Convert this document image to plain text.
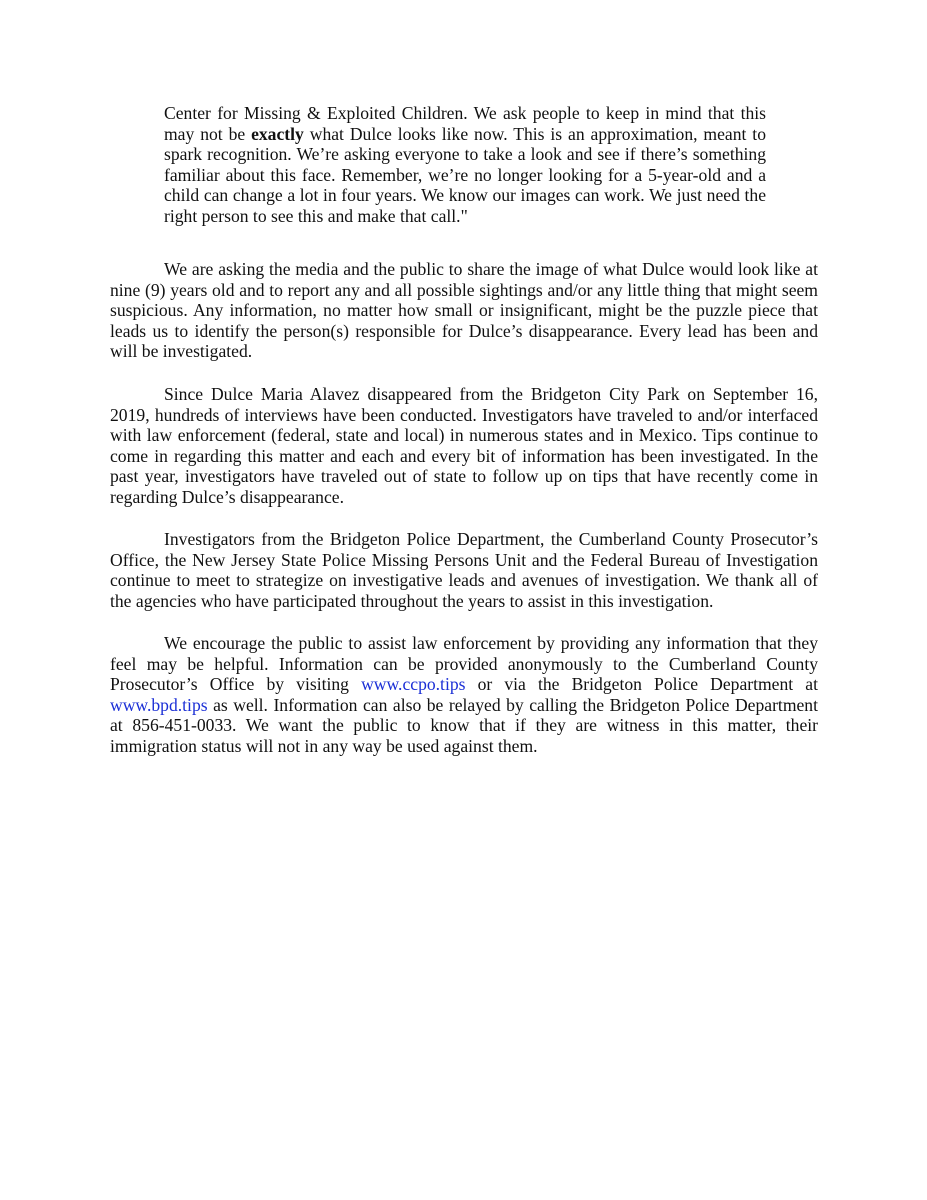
Center for Missing & Exploited Children. We ask people to keep in mind that this may not be exactly what Dulce looks like now. This is an approximation, meant to spark recognition. We’re asking everyone to take a look and see if there’s something familiar about this face. Remember, we’re no longer looking for a 5-year-old and a child can change a lot in four years. We know our images can work. We just need the right person to see this and make that call."

We are asking the media and the public to share the image of what Dulce would look like at nine (9) years old and to report any and all possible sightings and/or any little thing that might seem suspicious. Any information, no matter how small or insignificant, might be the puzzle piece that leads us to identify the person(s) responsible for Dulce’s disappearance. Every lead has been and will be investigated.

Since Dulce Maria Alavez disappeared from the Bridgeton City Park on September 16, 2019, hundreds of interviews have been conducted. Investigators have traveled to and/or interfaced with law enforcement (federal, state and local) in numerous states and in Mexico. Tips continue to come in regarding this matter and each and every bit of information has been investigated. In the past year, investigators have traveled out of state to follow up on tips that have recently come in regarding Dulce’s disappearance.

Investigators from the Bridgeton Police Department, the Cumberland County Prosecutor’s Office, the New Jersey State Police Missing Persons Unit and the Federal Bureau of Investigation continue to meet to strategize on investigative leads and avenues of investigation. We thank all of the agencies who have participated throughout the years to assist in this investigation.

We encourage the public to assist law enforcement by providing any information that they feel may be helpful. Information can be provided anonymously to the Cumberland County Prosecutor’s Office by visiting www.ccpo.tips or via the Bridgeton Police Department at www.bpd.tips as well. Information can also be relayed by calling the Bridgeton Police Department at 856-451-0033. We want the public to know that if they are witness in this matter, their immigration status will not in any way be used against them.
